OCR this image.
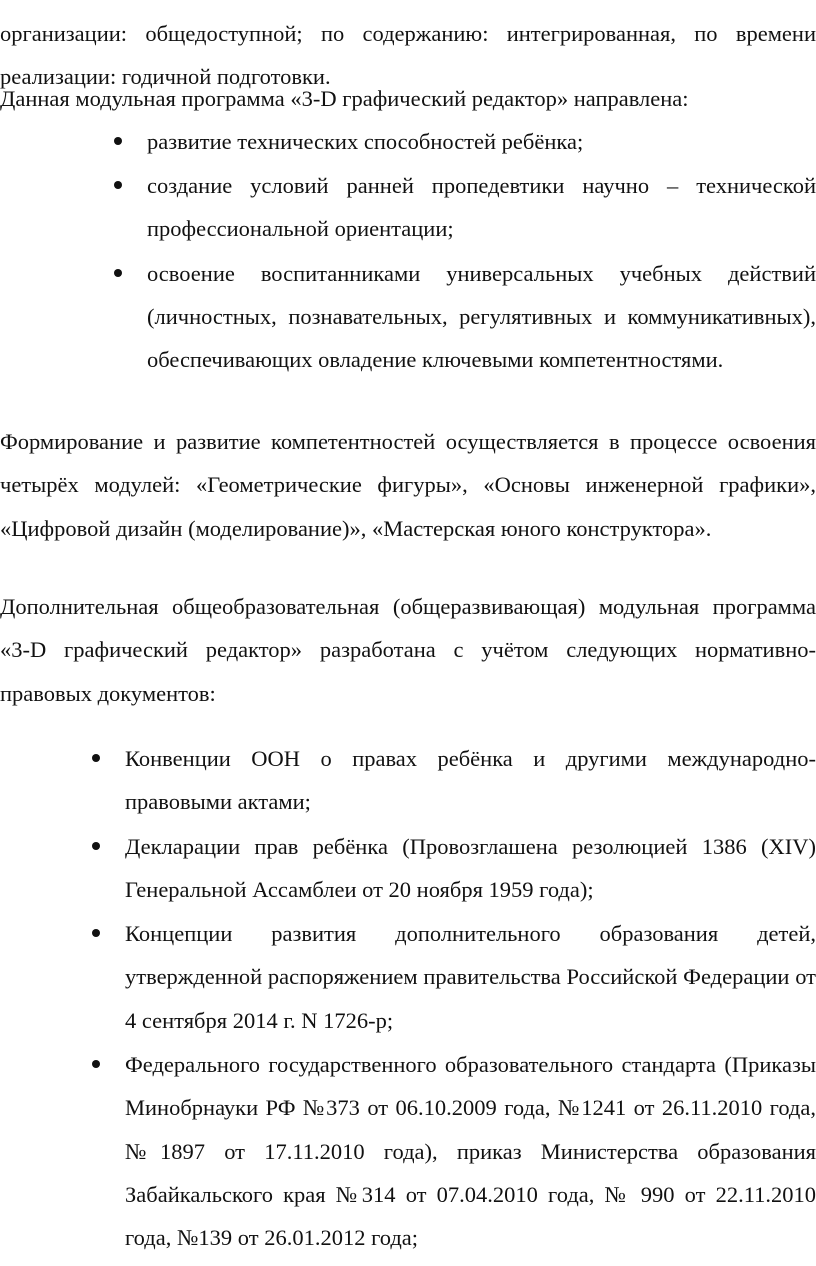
организации: общедоступной; по содержанию: интегрированная, по времени реализации: годичной подготовки.

Данная модульная программа «3-D графический редактор» направлена:

развитие технических способностей ребёнка;
создание условий ранней пропедевтики научно – технической профессиональной ориентации;
освоение воспитанниками универсальных учебных действий (личностных, познавательных, регулятивных и коммуникативных), обеспечивающих овладение ключевыми компетентностями.

Формирование и развитие компетентностей осуществляется в процессе освоения четырёх модулей: «Геометрические фигуры», «Основы инженерной графики», «Цифровой дизайн (моделирование)», «Мастерская юного конструктора».

Дополнительная общеобразовательная (общеразвивающая) модульная программа «3-D графический редактор» разработана с учётом следующих нормативно-правовых документов:

Конвенции ООН о правах ребёнка и другими международно-правовыми актами;
Декларации прав ребёнка (Провозглашена резолюцией 1386 (XIV) Генеральной Ассамблеи от 20 ноября 1959 года);
Концепции развития дополнительного образования детей, утвержденной распоряжением правительства Российской Федерации от 4 сентября 2014 г. N 1726-р;
Федерального государственного образовательного стандарта (Приказы Минобрнауки РФ №373 от 06.10.2009 года, №1241 от 26.11.2010 года, №1897 от 17.11.2010 года), приказ Министерства образования Забайкальского края №314 от 07.04.2010 года, № 990 от 22.11.2010 года, №139 от 26.01.2012 года;
